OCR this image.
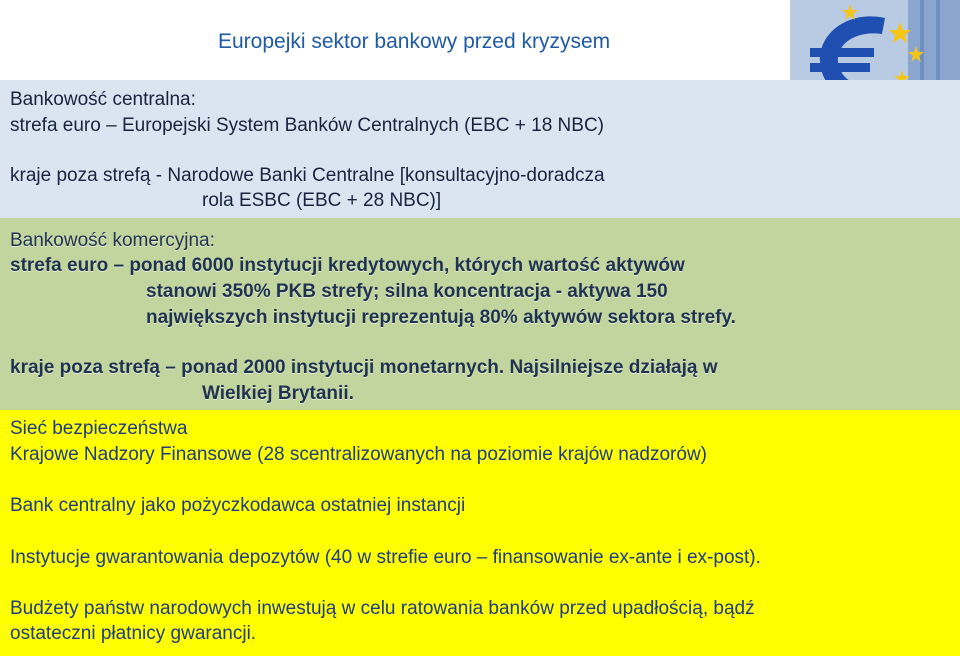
Europejki sektor bankowy przed kryzysem
Bankowość centralna:
strefa euro – Europejski System Banków Centralnych (EBC + 18 NBC)
kraje poza strefą - Narodowe Banki Centralne [konsultacyjno-doradcza
rola ESBC (EBC + 28 NBC)]
Bankowość komercyjna:
strefa euro – ponad 6000 instytucji kredytowych, których wartość aktywów
stanowi 350% PKB strefy; silna koncentracja - aktywa 150
największych instytucji reprezentują 80% aktywów sektora strefy.
kraje poza strefą – ponad 2000 instytucji monetarnych. Najsilniejsze działają w
Wielkiej Brytanii.
Sieć bezpieczeństwa
Krajowe Nadzory Finansowe (28 scentralizowanych na poziomie krajów nadzorów)
Bank centralny jako pożyczkodawca ostatniej instancji
Instytucje gwarantowania depozytów (40 w strefie euro – finansowanie ex-ante i ex-post).
Budżety państw narodowych inwestują w celu ratowania banków przed upadłością, bądź
ostateczni płatnicy gwarancji.
